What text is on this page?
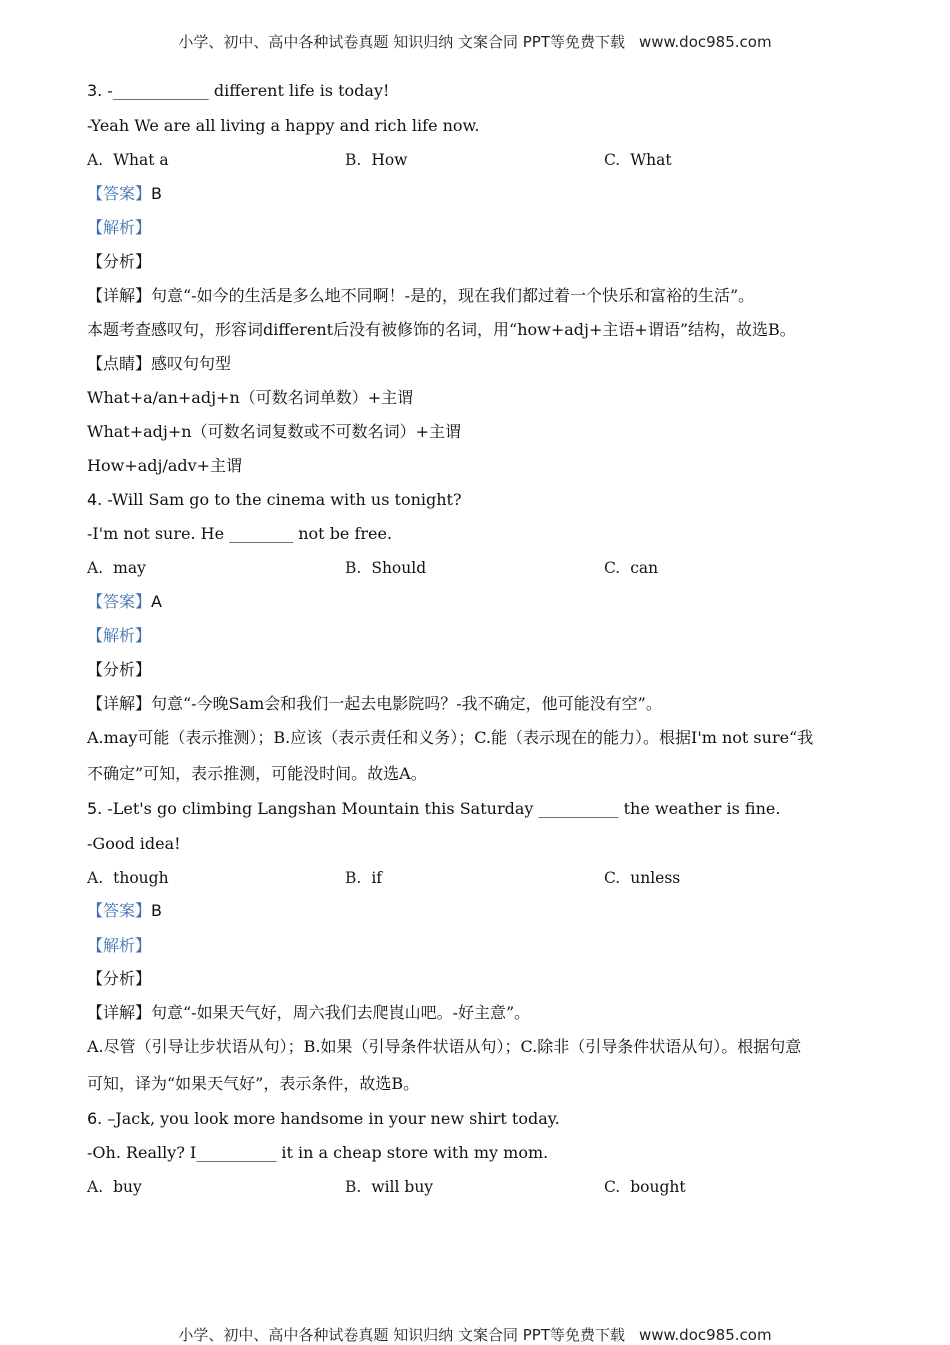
小学、初中、高中各种试卷真题 知识归纳 文案合同 PPT等免费下载 www.doc985.com
3. -____________ different life is today!
-Yeah We are all living a happy and rich life now.
A. What a	B. How	C. What
【答案】B
【解析】
【分析】
【详解】句意“-如今的生活是多么地不同啊！-是的，现在我们都过着一个快乐和富裕的生活”。
本题考查感叹句，形容词different后没有被修饰的名词，用“how+adj+主语+谓语”结构，故选B。
【点睛】感叹句句型
What+a/an+adj+n（可数名词单数）+主谓
What+adj+n（可数名词复数或不可数名词）+主谓
How+adj/adv+主谓
4. -Will Sam go to the cinema with us tonight?
-I'm not sure. He ________ not be free.
A. may	B. Should	C. can
【答案】A
【解析】
【分析】
【详解】句意“-今晚Sam会和我们一起去电影院吗？-我不确定，他可能没有空”。
A.may可能（表示推测）；B.应该（表示责任和义务）；C.能（表示现在的能力）。根据I'm not sure“我
不确定”可知，表示推测，可能没时间。故选A。
5. -Let's go climbing Langshan Mountain this Saturday __________ the weather is fine.
-Good idea!
A. though	B. if	C. unless
【答案】B
【解析】
【分析】
【详解】句意“-如果天气好，周六我们去爬崀山吧。-好主意”。
A.尽管（引导让步状语从句）；B.如果（引导条件状语从句）；C.除非（引导条件状语从句）。根据句意
可知，译为“如果天气好”，表示条件，故选B。
6. –Jack, you look more handsome in your new shirt today.
-Oh. Really? I__________ it in a cheap store with my mom.
A. buy	B. will buy	C. bought
小学、初中、高中各种试卷真题 知识归纳 文案合同 PPT等免费下载 www.doc985.com
